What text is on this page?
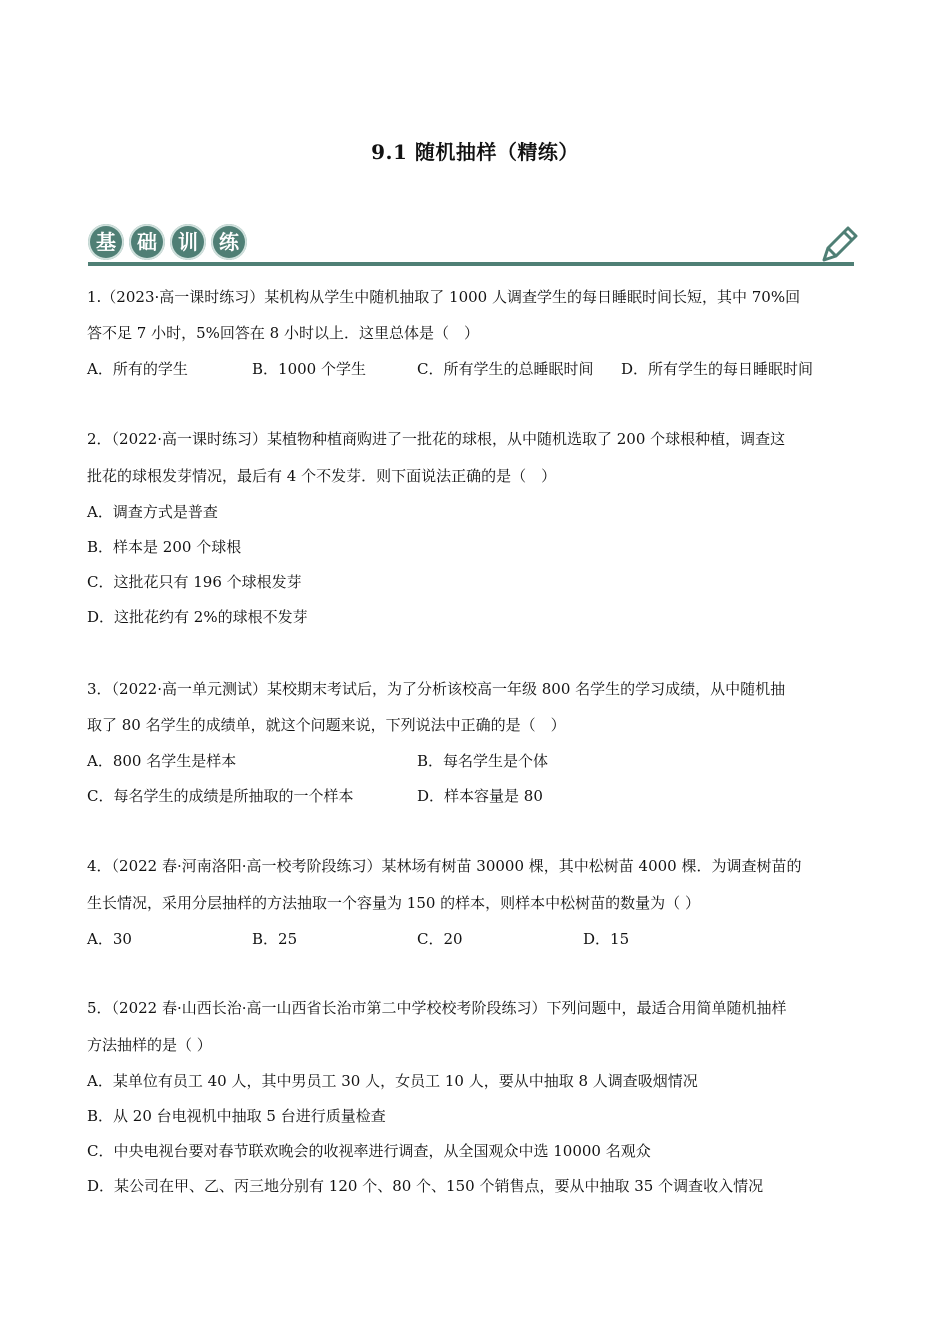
9.1 随机抽样（精练）
基	础	训	练
1.（2023·高一课时练习）某机构从学生中随机抽取了 1000 人调查学生的每日睡眠时间长短，其中 70%回
答不足 7 小时，5%回答在 8 小时以上．这里总体是（　）
A．所有的学生	B．1000 个学生	C．所有学生的总睡眠时间 D．所有学生的每日睡眠时间
2．（2022·高一课时练习）某植物种植商购进了一批花的球根，从中随机选取了 200 个球根种植，调查这
批花的球根发芽情况，最后有 4 个不发芽．则下面说法正确的是（　）
A．调查方式是普查
B．样本是 200 个球根
C．这批花只有 196 个球根发芽
D．这批花约有 2%的球根不发芽
3．（2022·高一单元测试）某校期末考试后，为了分析该校高一年级 800 名学生的学习成绩，从中随机抽
取了 80 名学生的成绩单，就这个问题来说，下列说法中正确的是（　）
A．800 名学生是样本	B．每名学生是个体
C．每名学生的成绩是所抽取的一个样本	D．样本容量是 80
4．（2022 春·河南洛阳·高一校考阶段练习）某林场有树苗 30000 棵，其中松树苗 4000 棵．为调查树苗的
生长情况，采用分层抽样的方法抽取一个容量为 150 的样本，则样本中松树苗的数量为（ ）
A．30	B．25	C．20	D．15
5．（2022 春·山西长治·高一山西省长治市第二中学校校考阶段练习）下列问题中，最适合用简单随机抽样
方法抽样的是（ ）
A．某单位有员工 40 人，其中男员工 30 人，女员工 10 人，要从中抽取 8 人调查吸烟情况
B．从 20 台电视机中抽取 5 台进行质量检查
C．中央电视台要对春节联欢晚会的收视率进行调查，从全国观众中选 10000 名观众
D．某公司在甲、乙、丙三地分别有 120 个、80 个、150 个销售点，要从中抽取 35 个调查收入情况
